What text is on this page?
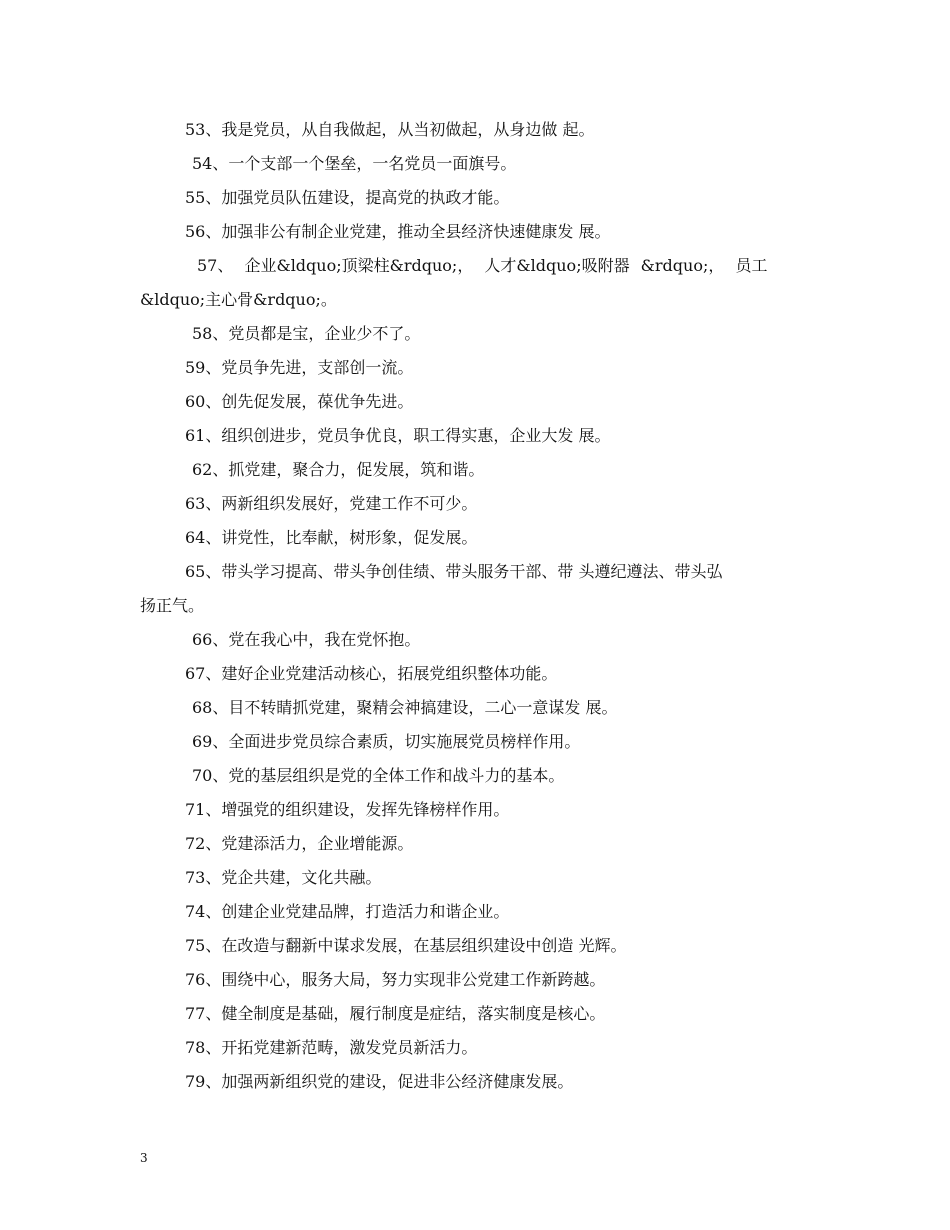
53、我是党员，从自我做起，从当初做起，从身边做 起。

54、一个支部一个堡垒，一名党员一面旗号。

55、加强党员队伍建设，提高党的执政才能。

56、加强非公有制企业党建，推动全县经济快速健康发 展。

57、 企业&ldquo;顶梁柱&rdquo;， 人才&ldquo;吸附器 &rdquo;， 员工

&ldquo;主心骨&rdquo;。

58、党员都是宝，企业少不了。

59、党员争先进，支部创一流。

60、创先促发展，葆优争先进。

61、组织创进步，党员争优良，职工得实惠，企业大发 展。

62、抓党建，聚合力，促发展，筑和谐。

63、两新组织发展好，党建工作不可少。

64、讲党性，比奉献，树形象，促发展。

65、带头学习提高、带头争创佳绩、带头服务干部、带 头遵纪遵法、带头弘

扬正气。

66、党在我心中，我在党怀抱。

67、建好企业党建活动核心，拓展党组织整体功能。

68、目不转睛抓党建，聚精会神搞建设，二心一意谋发 展。

69、全面进步党员综合素质，切实施展党员榜样作用。

70、党的基层组织是党的全体工作和战斗力的基本。

71、增强党的组织建设，发挥先锋榜样作用。

72、党建添活力，企业增能源。

73、党企共建，文化共融。

74、创建企业党建品牌，打造活力和谐企业。

75、在改造与翻新中谋求发展，在基层组织建设中创造 光辉。

76、围绕中心，服务大局，努力实现非公党建工作新跨越。

77、健全制度是基础，履行制度是症结，落实制度是核心。

78、开拓党建新范畴，激发党员新活力。

79、加强两新组织党的建设，促进非公经济健康发展。

3
